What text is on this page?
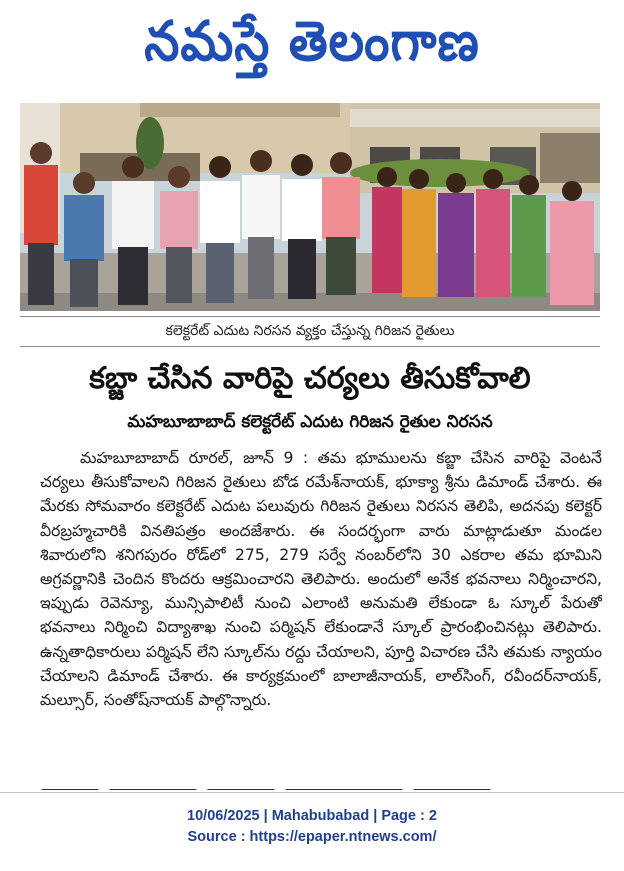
నమస్తే తెలంగాణ
కలెక్టరేట్ ఎదుట నిరసన వ్యక్తం చేస్తున్న గిరిజన రైతులు
కబ్జా చేసిన వారిపై చర్యలు తీసుకోవాలి
మహబూబాబాద్ కలెక్టరేట్ ఎదుట గిరిజన రైతుల నిరసన

మహబూబాబాద్ రూరల్, జూన్ 9 : తమ భూములను కబ్జా చేసిన వారిపై వెంటనే చర్యలు తీసుకోవాలని గిరిజన రైతులు బోడ రమేశ్‌నాయక్, భూక్యా శ్రీను డిమాండ్ చేశారు. ఈ మేరకు సోమవారం కలెక్టరేట్ ఎదుట పలువురు గిరిజన రైతులు నిరసన తెలిపి, అదనపు కలెక్టర్ వీరబ్రహ్మచారికి వినతిపత్రం అందజేశారు. ఈ సందర్భంగా వారు మాట్లాడుతూ మండల శివారులోని శనిగపురం రోడ్‌లో 275, 279 సర్వే నంబర్‌లోని 30 ఎకరాల తమ భూమిని అగ్రవర్ణానికి చెందిన కొందరు ఆక్రమించారని తెలిపారు. అందులో అనేక భవనాలు నిర్మించారని, ఇప్పుడు రెవెన్యూ, మున్సిపాలిటీ నుంచి ఎలాంటి అనుమతి లేకుండా ఓ స్కూల్ పేరుతో భవనాలు నిర్మించి విద్యాశాఖ నుంచి పర్మిషన్ లేకుండానే స్కూల్ ప్రారంభించినట్లు తెలిపారు. ఉన్నతాధికారులు పర్మిషన్ లేని స్కూల్‌ను రద్దు చేయాలని, పూర్తి విచారణ చేసి తమకు న్యాయం చేయాలని డిమాండ్ చేశారు. ఈ కార్యక్రమంలో బాలాజీనాయక్, లాల్‌సింగ్, రవీందర్‌నాయక్, మల్సూర్, సంతోష్‌నాయక్ పాల్గొన్నారు.

10/06/2025 | Mahabubabad | Page : 2
Source : https://epaper.ntnews.com/
